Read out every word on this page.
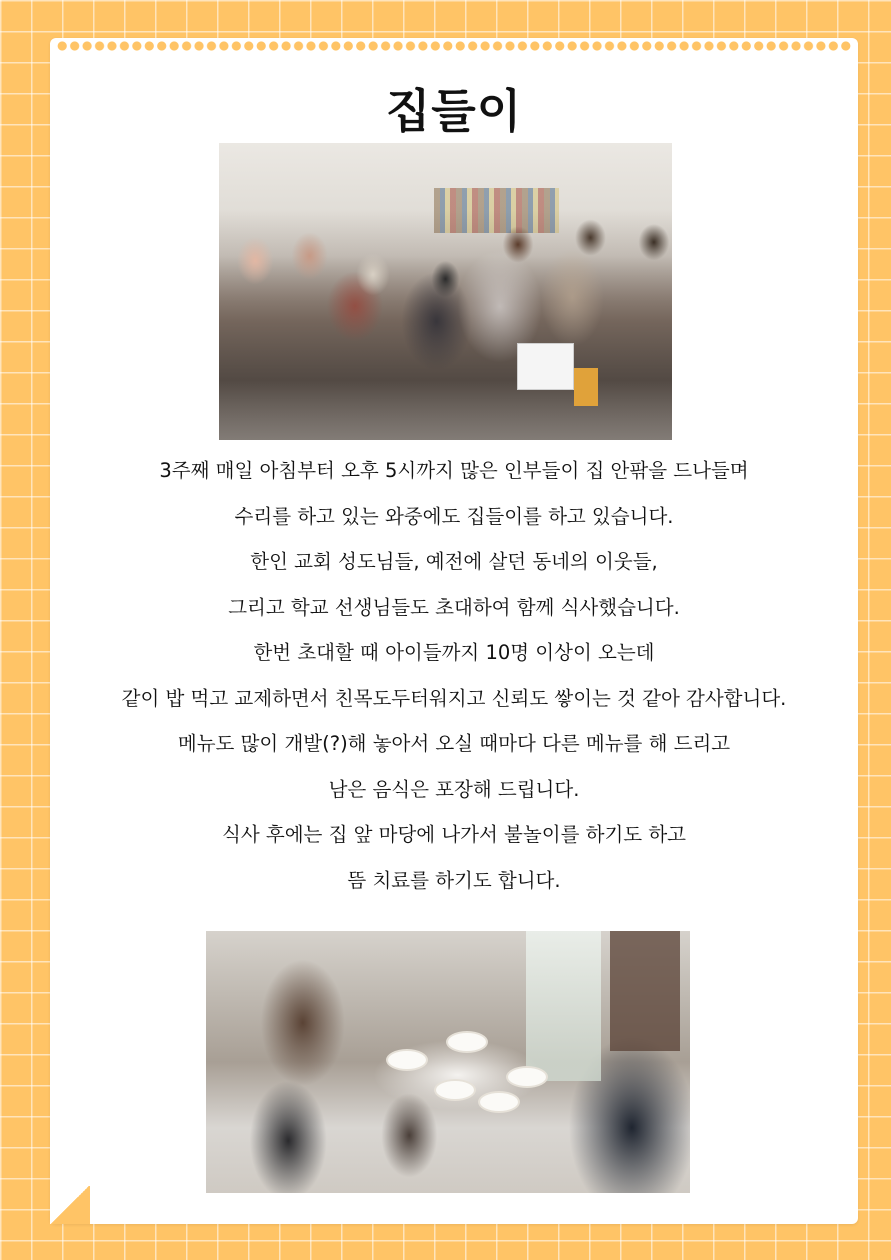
집들이

3주째 매일 아침부터 오후 5시까지 많은 인부들이 집 안팎을 드나들며

수리를 하고 있는 와중에도 집들이를 하고 있습니다.

한인 교회 성도님들, 예전에 살던 동네의 이웃들,

그리고 학교 선생님들도 초대하여 함께 식사했습니다.

한번 초대할 때 아이들까지 10명 이상이 오는데

같이 밥 먹고 교제하면서 친목도두터워지고 신뢰도 쌓이는 것 같아 감사합니다.

메뉴도 많이 개발(?)해 놓아서 오실 때마다 다른 메뉴를 해 드리고

남은 음식은 포장해 드립니다.

식사 후에는 집 앞 마당에 나가서 불놀이를 하기도 하고

뜸 치료를 하기도 합니다.
